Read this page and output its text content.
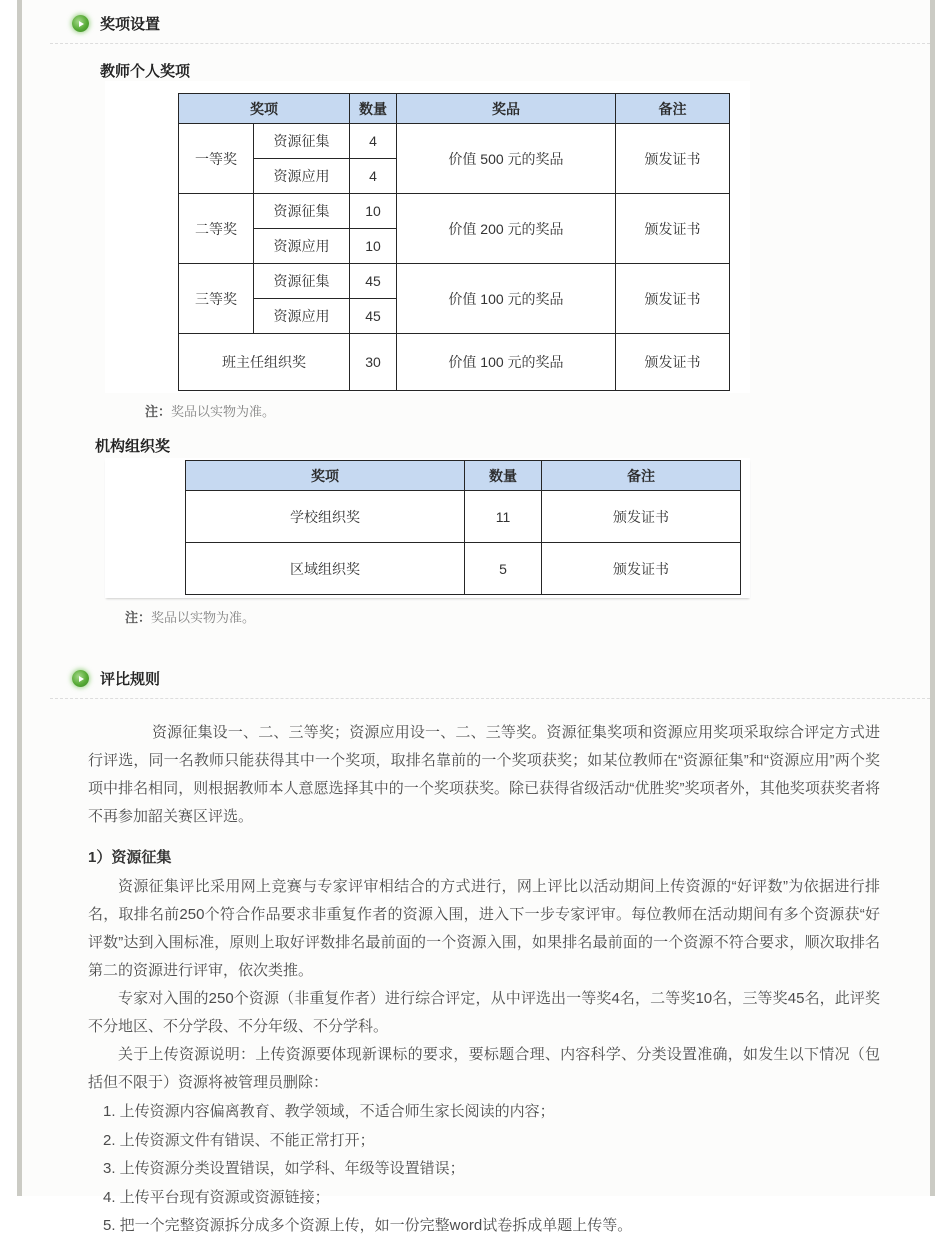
奖项设置
教师个人奖项
奖项		数量	奖品	备注
一等奖	资源征集	4	价值 500 元的奖品	颁发证书
	资源应用	4		
二等奖	资源征集	10	价值 200 元的奖品	颁发证书
	资源应用	10		
三等奖	资源征集	45	价值 100 元的奖品	颁发证书
	资源应用	45		
班主任组织奖		30	价值 100 元的奖品	颁发证书
注：奖品以实物为准。
机构组织奖
奖项	数量	备注
学校组织奖	11	颁发证书
区域组织奖	5	颁发证书
注：奖品以实物为准。
评比规则

资源征集设一、二、三等奖；资源应用设一、二、三等奖。资源征集奖项和资源应用奖项采取综合评定方式进行评选，同一名教师只能获得其中一个奖项，取排名靠前的一个奖项获奖；如某位教师在“资源征集”和“资源应用”两个奖项中排名相同，则根据教师本人意愿选择其中的一个奖项获奖。除已获得省级活动“优胜奖”奖项者外，其他奖项获奖者将不再参加韶关赛区评选。

1）资源征集

资源征集评比采用网上竞赛与专家评审相结合的方式进行，网上评比以活动期间上传资源的“好评数”为依据进行排名，取排名前250个符合作品要求非重复作者的资源入围，进入下一步专家评审。每位教师在活动期间有多个资源获“好评数”达到入围标准，原则上取好评数排名最前面的一个资源入围，如果排名最前面的一个资源不符合要求，顺次取排名第二的资源进行评审，依次类推。

专家对入围的250个资源（非重复作者）进行综合评定，从中评选出一等奖4名，二等奖10名，三等奖45名，此评奖不分地区、不分学段、不分年级、不分学科。

关于上传资源说明：上传资源要体现新课标的要求，要标题合理、内容科学、分类设置准确，如发生以下情况（包括但不限于）资源将被管理员删除：

1. 上传资源内容偏离教育、教学领域，不适合师生家长阅读的内容；
2. 上传资源文件有错误、不能正常打开；
3. 上传资源分类设置错误，如学科、年级等设置错误；
4. 上传平台现有资源或资源链接；
5. 把一个完整资源拆分成多个资源上传，如一份完整word试卷拆成单题上传等。
